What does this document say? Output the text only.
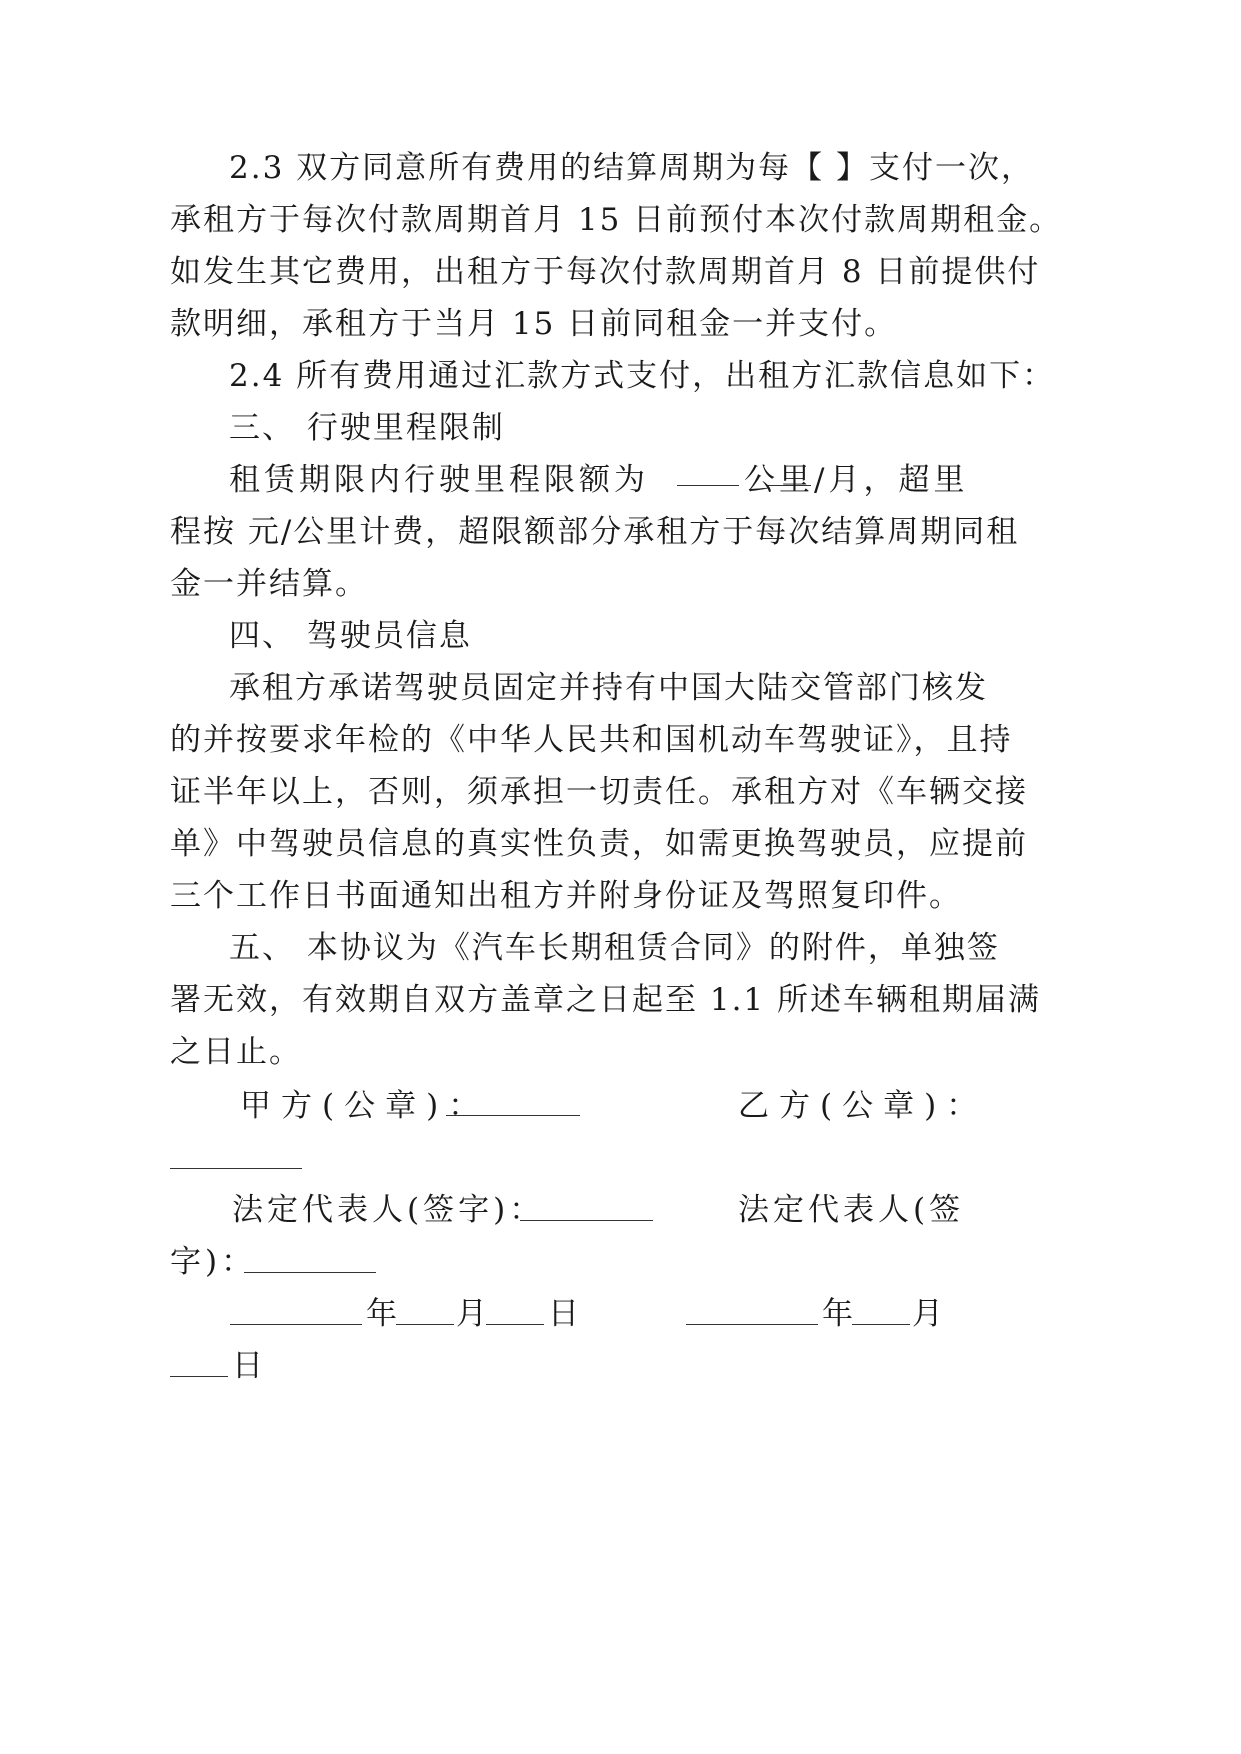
2.3 双方同意所有费用的结算周期为每【 】支付一次，
承租方于每次付款周期首月 15 日前预付本次付款周期租金。
如发生其它费用，出租方于每次付款周期首月 8 日前提供付
款明细，承租方于当月 15 日前同租金一并支付。
2.4 所有费用通过汇款方式支付，出租方汇款信息如下：
三、 行驶里程限制
租赁期限内行驶里程限额为	公里/月，超里
程按 元/公里计费，超限额部分承租方于每次结算周期同租
金一并结算。
四、 驾驶员信息
承租方承诺驾驶员固定并持有中国大陆交管部门核发
的并按要求年检的《中华人民共和国机动车驾驶证》，且持
证半年以上，否则，须承担一切责任。承租方对《车辆交接
单》中驾驶员信息的真实性负责，如需更换驾驶员，应提前
三个工作日书面通知出租方并附身份证及驾照复印件。
五、 本协议为《汽车长期租赁合同》的附件，单独签
署无效，有效期自双方盖章之日起至 1.1 所述车辆租期届满
之日止。
甲方(公章)：	乙方(公章)：
法定代表人(签字)：	法定代表人(签
字)：
年 月 日	年 月
日
